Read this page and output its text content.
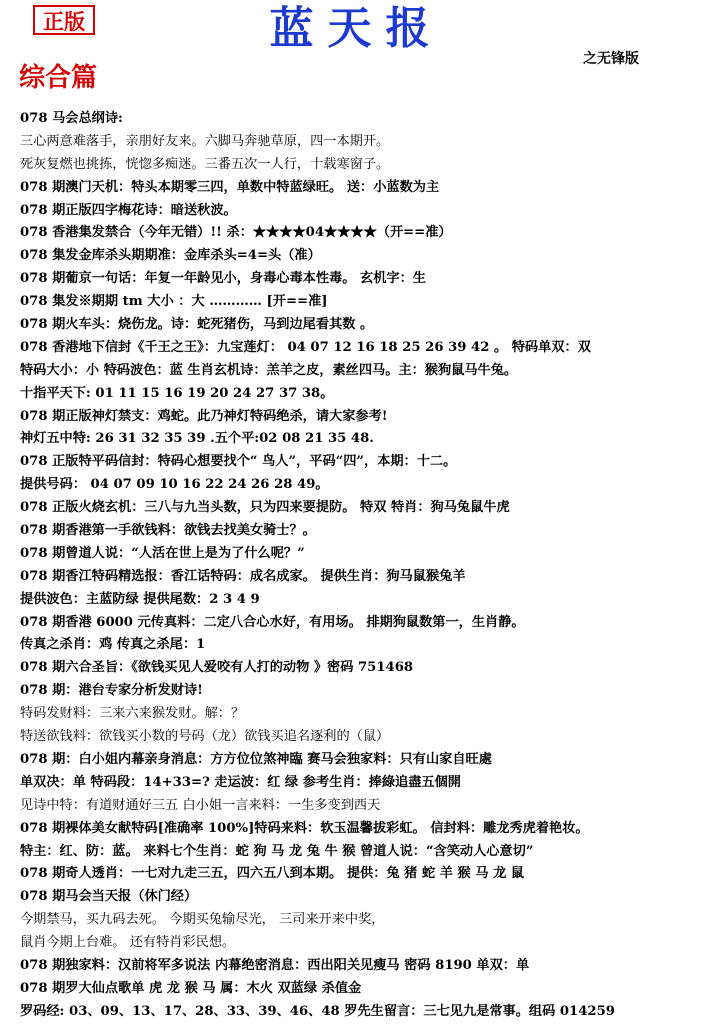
正版	蓝天报
之无锋版
综合篇
078 马会总纲诗:
三心两意难落手，亲朋好友来。六脚马奔驰草原，四一本期开。
死灰复燃也挑拣，恍惚多痴迷。三番五次一人行，十载寒窗子。
078 期澳门天机：特头本期零三四，单数中特蓝绿旺。 送：小蓝数为主
078 期正版四字梅花诗：暗送秋波。
078 香港集发禁合（今年无错）!! 杀：★★★★04★★★★（开==准）
078 集发金库杀头期期准：金库杀头=4=头（准）
078 期葡京一句话：年复一年龄见小，身毒心毒本性毒。 玄机字：生
078 集发※期期 tm 大小 ：大 ………… [开==准]
078 期火车头：烧伤龙。诗：蛇死猪伤，马到边尾看其数 。
078 香港地下信封《千王之王》：九宝莲灯： 04 07 12 16 18 25 26 39 42 。 特码单双：双
特码大小：小 特码波色：蓝 生肖玄机诗：羔羊之皮，素丝四马。主：猴狗鼠马牛兔。
十指平天下: 01 11 15 16 19 20 24 27 37 38。
078 期正版神灯禁支：鸡蛇。此乃神灯特码绝杀，请大家参考!
神灯五中特: 26 31 32 35 39 .五个平:02 08 21 35 48.
078 正版特平码信封：特码心想要找个“ 鸟人”，平码“四”，本期：十二。
提供号码： 04 07 09 10 16 22 24 26 28 49。
078 正版火烧玄机：三八与九当头数，只为四来要提防。 特双 特肖：狗马兔鼠牛虎
078 期香港第一手欲钱料：欲钱去找美女骑士？。
078 期曾道人说：“人活在世上是为了什么呢？”
078 期香江特码精选报：香江话特码：成名成家。 提供生肖：狗马鼠猴兔羊
提供波色：主蓝防绿 提供尾数：2 3 4 9
078 期香港 6000 元传真料：二定八合心水好，有用场。 排期狗鼠数第一，生肖静。
传真之杀肖：鸡 传真之杀尾：1
078 期六合圣旨：《欲钱买见人爱咬有人打的动物 》密码 751468
078 期：港台专家分析发财诗!
特码发财料：三来六来猴发财。解：？
特送欲钱料：欲钱买小数的号码（龙）欲钱买追名逐利的（鼠）
078 期：白小姐内幕亲身消息：方方位位煞神臨 赛马会独家料：只有山家自旺處
单双决：单 特码段：14+33=? 走运波：红 绿 参考生肖：捧綠追盡五個開
见诗中特：有道财通好三五 白小姐一言来料：一生多变到西天
078 期裸体美女献特码[准确率 100%]特码来料：软玉温馨拔彩虹。 信封料：雕龙秀虎着艳妆。
特主：红、防：蓝。 来料七个生肖：蛇 狗 马 龙 兔 牛 猴 曾道人说：“含笑动人心意切”
078 期奇人透肖：一七对九走三五，四六五八到本期。 提供：兔 猪 蛇 羊 猴 马 龙 鼠
078 期马会当天报（休门经）
今期禁马，买九码去死。 今期买兔输尽光， 三司来开来中奖，
鼠肖今期上台难。 还有特肖彩民想。
078 期独家料：汉前将军多说法 内幕绝密消息：西出阳关见瘦马 密码 8190 单双：单
078 期罗大仙点歌单 虎 龙 猴 马 属：木火 双蓝绿 杀值金
罗码经: 03、09、13、17、28、33、39、46、48 罗先生留言：三七见九是常事。组码 014259
